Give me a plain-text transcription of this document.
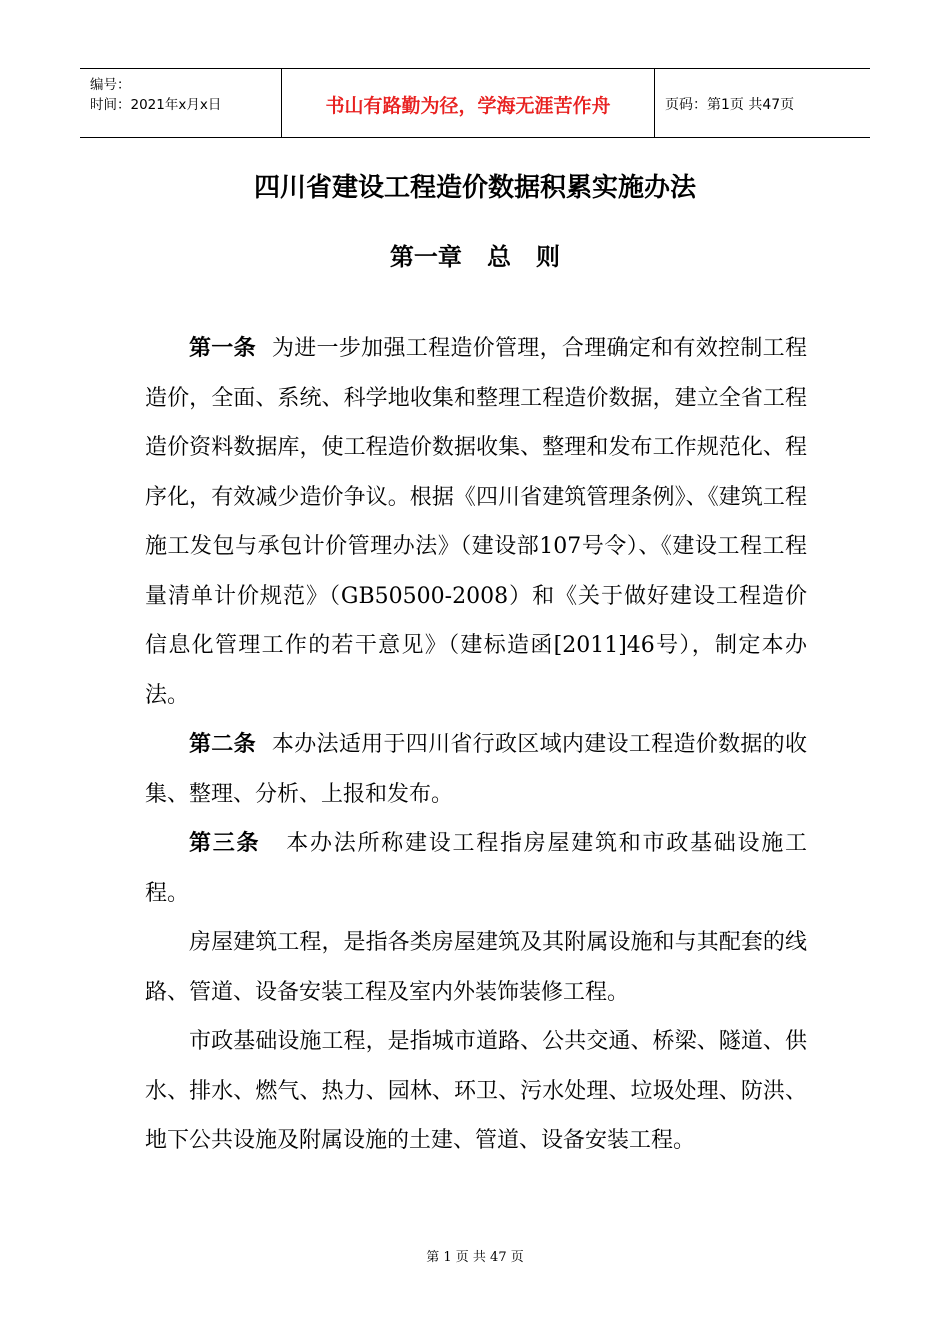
编号：
时间：2021年x月x日	书山有路勤为径，学海无涯苦作舟	页码：第1页 共47页
四川省建设工程造价数据积累实施办法
第一章   总   则

第一条 为进一步加强工程造价管理，合理确定和有效控制工程造价，全面、系统、科学地收集和整理工程造价数据，建立全省工程造价资料数据库，使工程造价数据收集、整理和发布工作规范化、程序化，有效减少造价争议。根据《四川省建筑管理条例》、《建筑工程施工发包与承包计价管理办法》（建设部107号令）、《建设工程工程量清单计价规范》（GB50500-2008）和《关于做好建设工程造价信息化管理工作的若干意见》（建标造函[2011]46号），制定本办法。

第二条 本办法适用于四川省行政区域内建设工程造价数据的收集、整理、分析、上报和发布。

第三条 本办法所称建设工程指房屋建筑和市政基础设施工程。

房屋建筑工程，是指各类房屋建筑及其附属设施和与其配套的线路、管道、设备安装工程及室内外装饰装修工程。

市政基础设施工程，是指城市道路、公共交通、桥梁、隧道、供水、排水、燃气、热力、园林、环卫、污水处理、垃圾处理、防洪、地下公共设施及附属设施的土建、管道、设备安装工程。

第 1 页 共 47 页
